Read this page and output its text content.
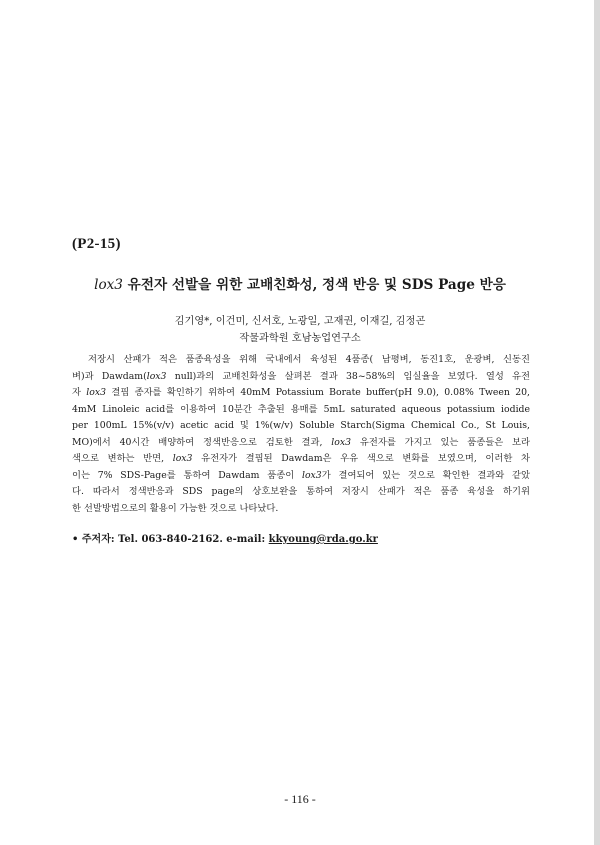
(P2-15)
lox3 유전자 선발을 위한 교배친화성, 정색 반응 및 SDS Page 반응
김기영*, 이건미, 신서호, 노광일, 고재권, 이재길, 김정곤
작물과학원 호남농업연구소
저장시 산패가 적은 품종육성을 위해 국내에서 육성된 4품종( 남평벼, 동진1호, 운광벼, 신동진
벼)과 Dawdam(lox3 null)과의 교배친화성을 살펴본 결과 38~58%의 임실율을 보였다. 열성 유전
자 lox3 결핍 종자를 확인하기 위하여 40mM Potassium Borate buffer(pH 9.0), 0.08% Tween 20,
4mM Linoleic acid를 이용하여 10분간 추출된 용매를 5mL saturated aqueous potassium iodide
per 100mL 15%(v/v) acetic acid 및 1%(w/v) Soluble Starch(Sigma Chemical Co., St Louis,
MO)에서 40시간 배양하여 정색반응으로 검토한 결과, lox3 유전자를 가지고 있는 품종들은 보라
색으로 변하는 반면, lox3 유전자가 결핍된 Dawdam은 우유 색으로 변화를 보였으며, 이러한 차
이는 7% SDS-Page를 통하여 Dawdam 품종이 lox3가 결여되어 있는 것으로 확인한 결과와 같았
다. 따라서 정색반응과 SDS page의 상호보완을 통하여 저장시 산패가 적은 품종 육성을 하기위
한 선발방법으로의 활용이 가능한 것으로 나타났다.
• 주저자: Tel. 063-840-2162. e-mail: kkyoung@rda.go.kr
- 116 -
